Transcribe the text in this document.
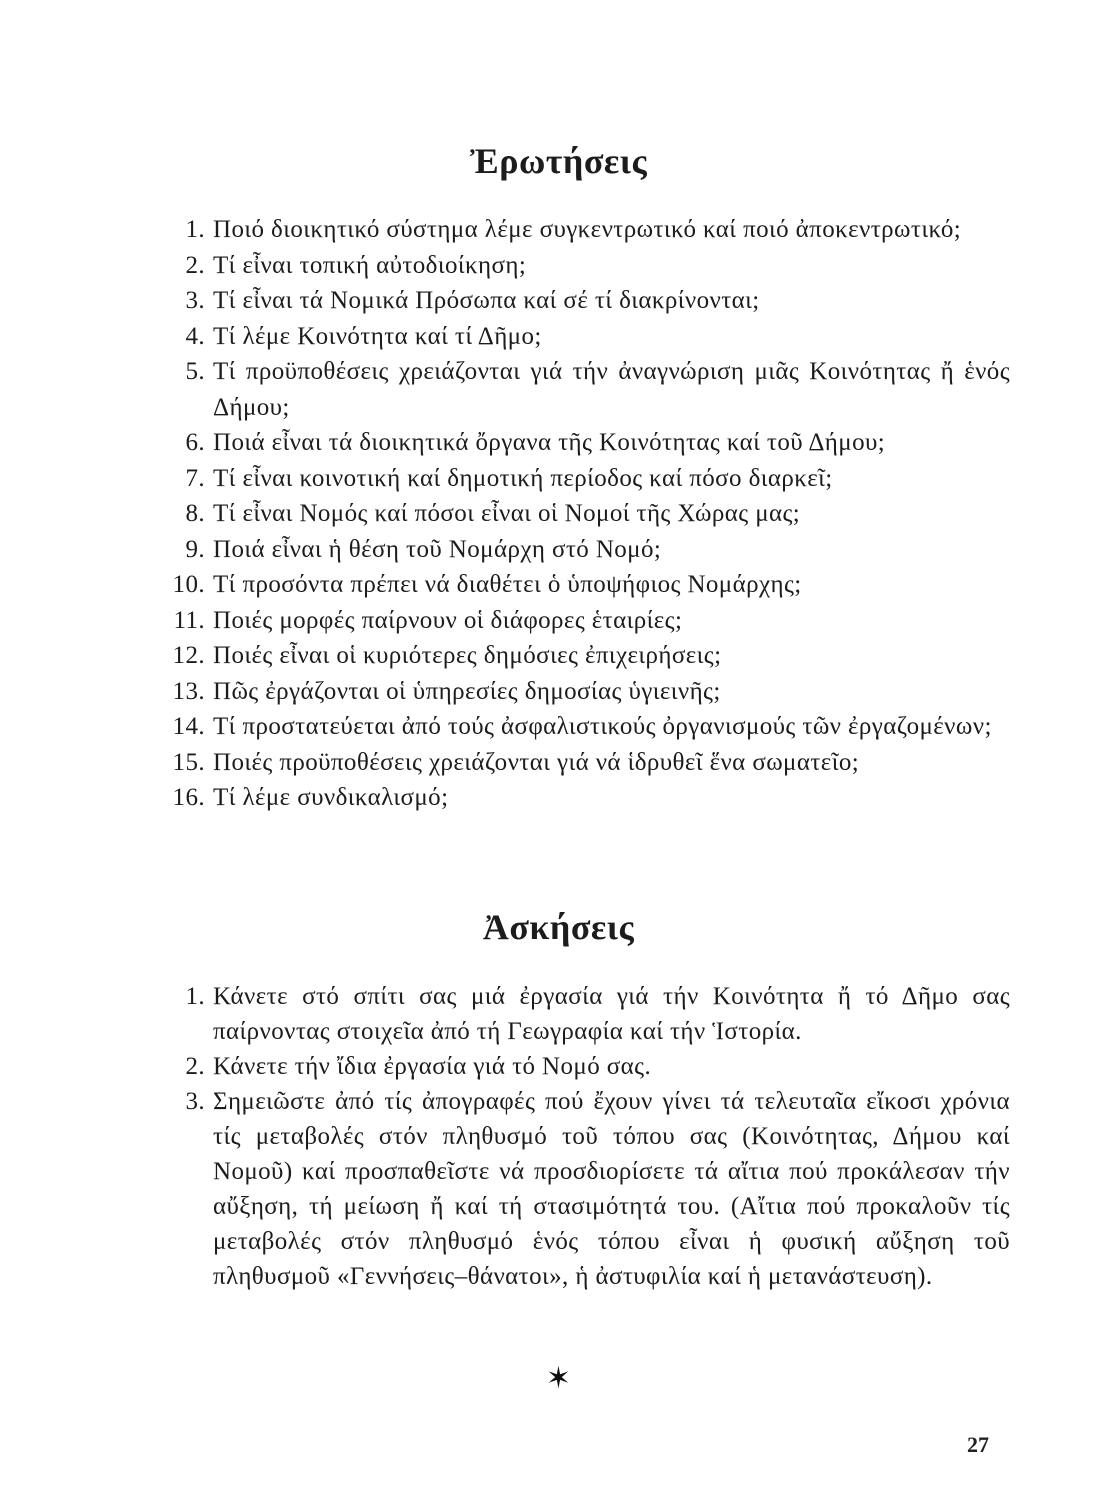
Ἐρωτήσεις
1. Ποιό διοικητικό σύστημα λέμε συγκεντρωτικό καί ποιό ἀποκεντρωτικό;
2. Τί εἶναι τοπική αὐτοδιοίκηση;
3. Τί εἶναι τά Νομικά Πρόσωπα καί σέ τί διακρίνονται;
4. Τί λέμε Κοινότητα καί τί Δῆμο;
5. Τί προϋποθέσεις χρειάζονται γιά τήν ἀναγνώριση μιᾶς Κοινότητας ἤ ἑνός Δήμου;
6. Ποιά εἶναι τά διοικητικά ὄργανα τῆς Κοινότητας καί τοῦ Δήμου;
7. Τί εἶναι κοινοτική καί δημοτική περίοδος καί πόσο διαρκεῖ;
8. Τί εἶναι Νομός καί πόσοι εἶναι οἱ Νομοί τῆς Χώρας μας;
9. Ποιά εἶναι ἡ θέση τοῦ Νομάρχη στό Νομό;
10. Τί προσόντα πρέπει νά διαθέτει ὁ ὑποψήφιος Νομάρχης;
11. Ποιές μορφές παίρνουν οἱ διάφορες ἑταιρίες;
12. Ποιές εἶναι οἱ κυριότερες δημόσιες ἐπιχειρήσεις;
13. Πῶς ἐργάζονται οἱ ὑπηρεσίες δημοσίας ὑγιεινῆς;
14. Τί προστατεύεται ἀπό τούς ἀσφαλιστικούς ὀργανισμούς τῶν ἐργαζομένων;
15. Ποιές προϋποθέσεις χρειάζονται γιά νά ἱδρυθεῖ ἕνα σωματεῖο;
16. Τί λέμε συνδικαλισμό;
Ἀσκήσεις
1. Κάνετε στό σπίτι σας μιά ἐργασία γιά τήν Κοινότητα ἤ τό Δῆμο σας παίρνοντας στοιχεῖα ἀπό τή Γεωγραφία καί τήν Ἱστορία.
2. Κάνετε τήν ἴδια ἐργασία γιά τό Νομό σας.
3. Σημειῶστε ἀπό τίς ἀπογραφές πού ἔχουν γίνει τά τελευταῖα εἴκοσι χρόνια τίς μεταβολές στόν πληθυσμό τοῦ τόπου σας (Κοινότητας, Δήμου καί Νομοῦ) καί προσπαθεῖστε νά προσδιορίσετε τά αἴτια πού προκάλεσαν τήν αὔξηση, τή μείωση ἤ καί τή στασιμότητά του. (Αἴτια πού προκαλοῦν τίς μεταβολές στόν πληθυσμό ἑνός τόπου εἶναι ἡ φυσική αὔξηση τοῦ πληθυσμοῦ «Γεννήσεις–θάνατοι», ἡ ἀστυφιλία καί ἡ μετανάστευση).
✶
27
